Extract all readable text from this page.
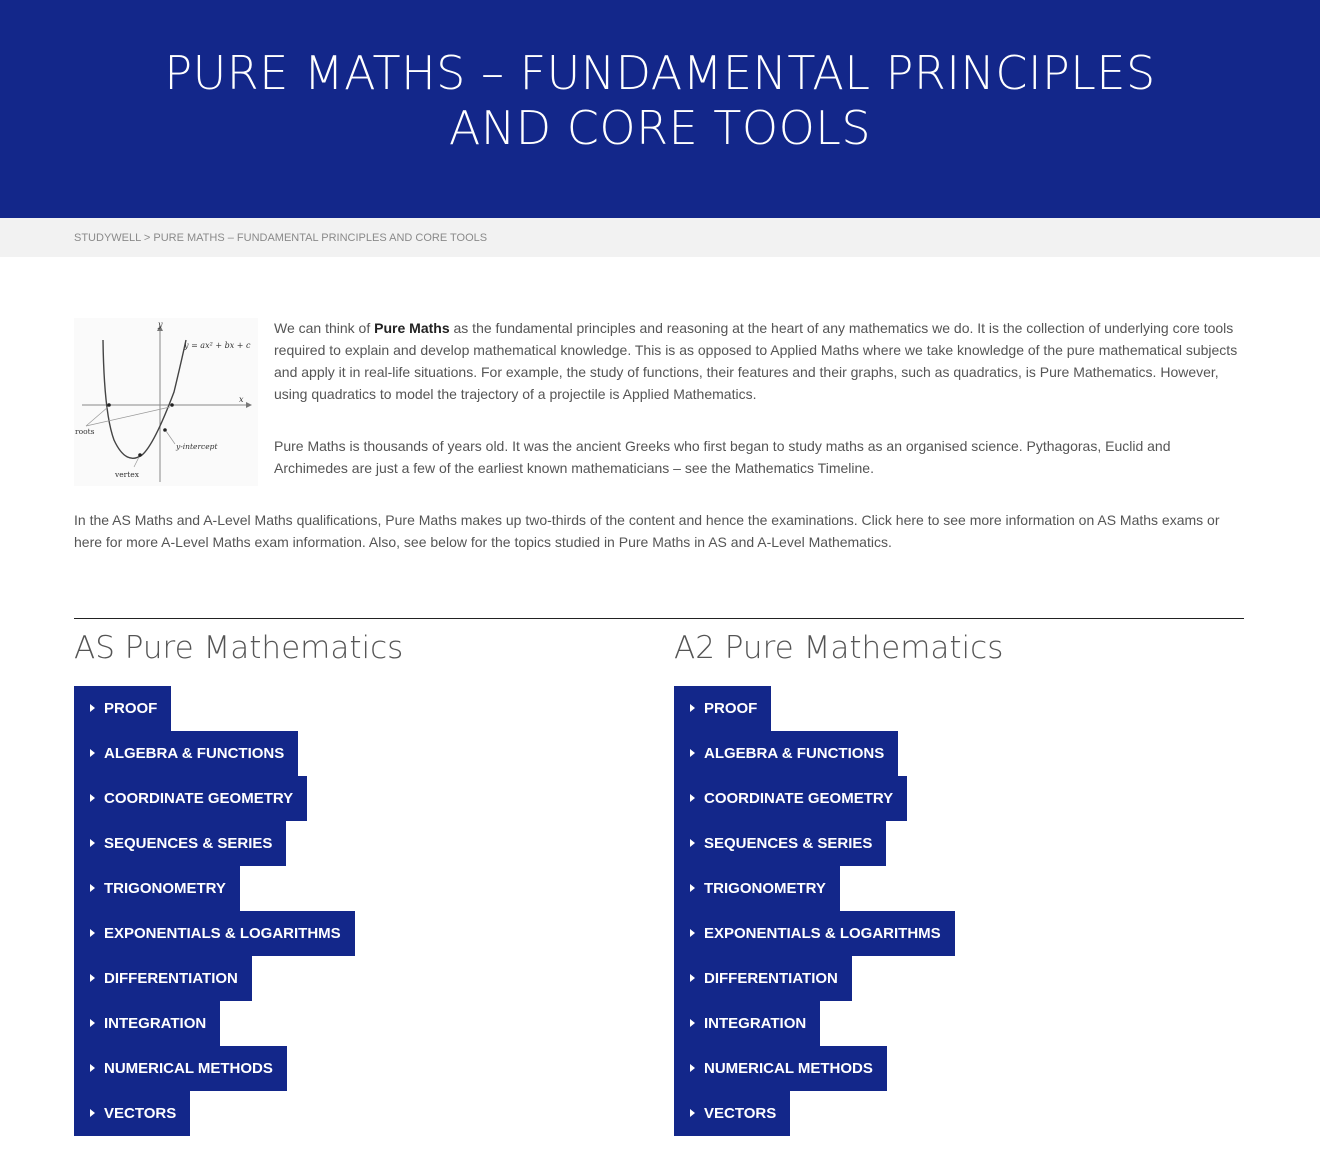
PURE MATHS – FUNDAMENTAL PRINCIPLES
AND CORE TOOLS
STUDYWELL > PURE MATHS – FUNDAMENTAL PRINCIPLES AND CORE TOOLS
x
y
y = ax² + bx + c
roots
y-intercept
vertex

We can think of Pure Maths as the fundamental principles and reasoning at the heart of any mathematics we do. It is the collection of underlying core tools required to explain and develop mathematical knowledge. This is as opposed to Applied Maths where we take knowledge of the pure mathematical subjects and apply it in real-life situations. For example, the study of functions, their features and their graphs, such as quadratics, is Pure Mathematics. However, using quadratics to model the trajectory of a projectile is Applied Mathematics.

Pure Maths is thousands of years old. It was the ancient Greeks who first began to study maths as an organised science. Pythagoras, Euclid and Archimedes are just a few of the earliest known mathematicians – see the Mathematics Timeline.

In the AS Maths and A-Level Maths qualifications, Pure Maths makes up two-thirds of the content and hence the examinations. Click here to see more information on AS Maths exams or here for more A-Level Maths exam information. Also, see below for the topics studied in Pure Maths in AS and A-Level Mathematics.

AS Pure Mathematics
PROOF
ALGEBRA & FUNCTIONS
COORDINATE GEOMETRY
SEQUENCES & SERIES
TRIGONOMETRY
EXPONENTIALS & LOGARITHMS
DIFFERENTIATION
INTEGRATION
NUMERICAL METHODS
VECTORS
A2 Pure Mathematics
PROOF
ALGEBRA & FUNCTIONS
COORDINATE GEOMETRY
SEQUENCES & SERIES
TRIGONOMETRY
EXPONENTIALS & LOGARITHMS
DIFFERENTIATION
INTEGRATION
NUMERICAL METHODS
VECTORS
